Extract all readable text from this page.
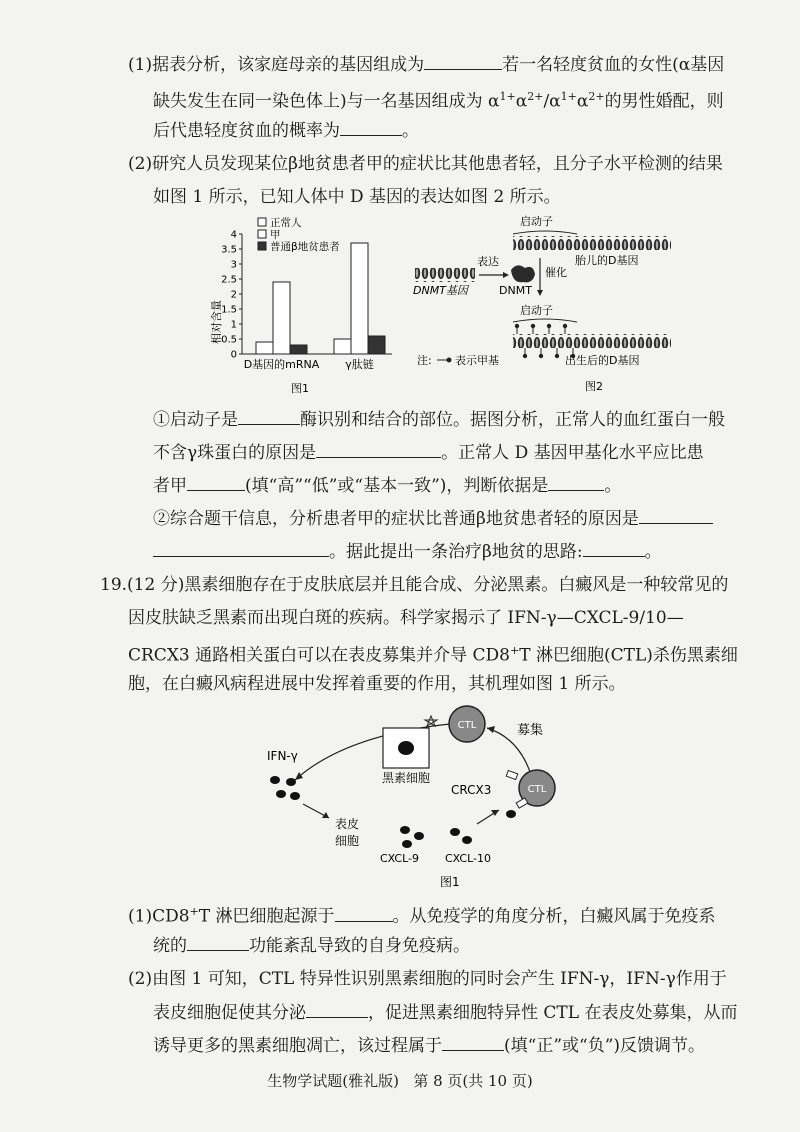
(1)据表分析，该家庭母亲的基因组成为	若一名轻度贫血的女性(α基因
缺失发生在同一染色体上)与一名基因组成为 $\alpha^{1+}\alpha^{2+}/\alpha^{1+}\alpha^{2+}$的男性婚配，则
后代患轻度贫血的概率为	。
(2)研究人员发现某位β地贫患者甲的症状比其他患者轻，且分子水平检测的结果
如图 1 所示，已知人体中 D 基因的表达如图 2 所示。
相对含量
0
0.5
1
1.5
2
2.5
3
3.5
4
D基因的mRNA γ肽链
正常人
甲
普通β地贫患者
图1
启动子
胎儿的D基因
DNMT基因
表达
DNMT
催化
启动子
出生后的D基因
注: 表示甲基
图2
①启动子是	酶识别和结合的部位。据图分析，正常人的血红蛋白一般
不含γ珠蛋白的原因是	。正常人 D 基因甲基化水平应比患
者甲	(填“高”“低”或“基本一致”)，判断依据是	。
②综合题干信息，分析患者甲的症状比普通β地贫患者轻的原因是
。据此提出一条治疗β地贫的思路:	。
19.(12 分)黑素细胞存在于皮肤底层并且能合成、分泌黑素。白癜风是一种较常见的
因皮肤缺乏黑素而出现白斑的疾病。科学家揭示了 IFN-γ—CXCL-9/10—
CRCX3 通路相关蛋白可以在表皮募集并介导 CD8+T 淋巴细胞(CTL)杀伤黑素细
胞，在白癜风病程进展中发挥着重要的作用，其机理如图 1 所示。
募集
CTL
黑素细胞
IFN-γ
表皮
细胞
CXCL-9 CXCL-10
CRCX3	CTL
图1
(1)CD8+T 淋巴细胞起源于	。从免疫学的角度分析，白癜风属于免疫系
统的	功能紊乱导致的自身免疫病。
(2)由图 1 可知，CTL 特异性识别黑素细胞的同时会产生 IFN-γ，IFN-γ作用于
表皮细胞促使其分泌	，促进黑素细胞特异性 CTL 在表皮处募集，从而
诱导更多的黑素细胞凋亡，该过程属于	(填“正”或“负”)反馈调节。
生物学试题(雅礼版) 第 8 页(共 10 页)
